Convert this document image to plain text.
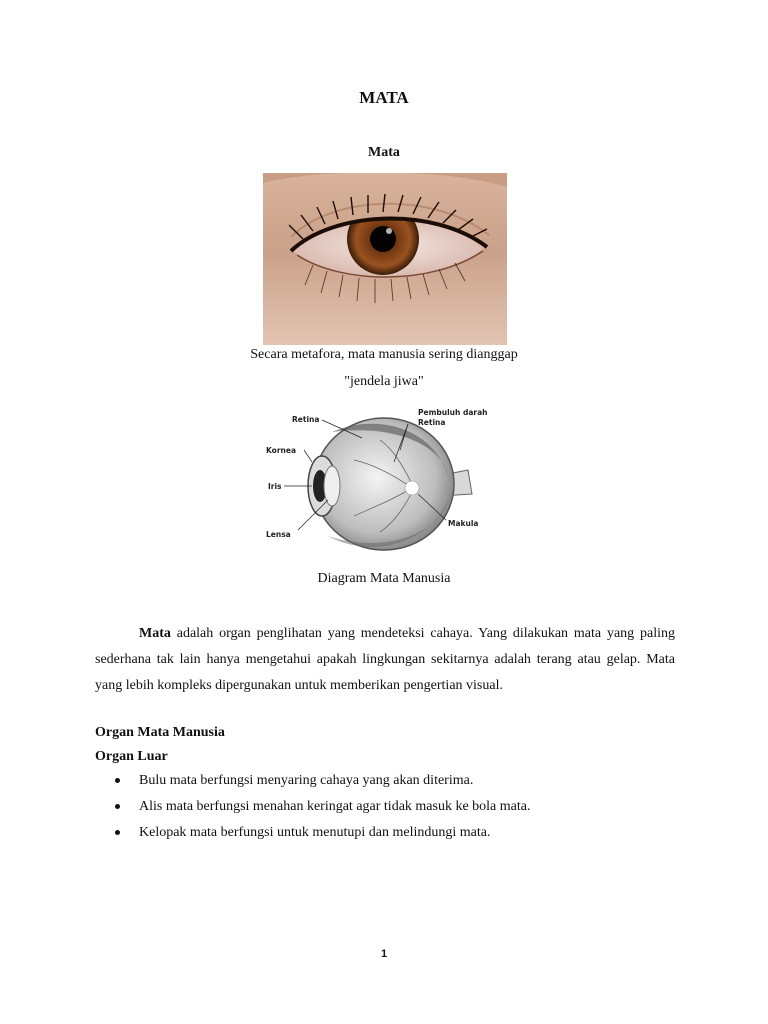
MATA
Mata
Secara metafora, mata manusia sering dianggap
"jendela jiwa"
Retina
Kornea
Iris
Lensa
Pembuluh darah
Retina
Makula
Diagram Mata Manusia
Mata adalah organ penglihatan yang mendeteksi cahaya. Yang dilakukan mata yang paling sederhana tak lain hanya mengetahui apakah lingkungan sekitarnya adalah terang atau gelap. Mata yang lebih kompleks dipergunakan untuk memberikan pengertian visual.
Organ Mata Manusia
Organ Luar
Bulu mata berfungsi menyaring cahaya yang akan diterima.
Alis mata berfungsi menahan keringat agar tidak masuk ke bola mata.
Kelopak mata berfungsi untuk menutupi dan melindungi mata.
1
